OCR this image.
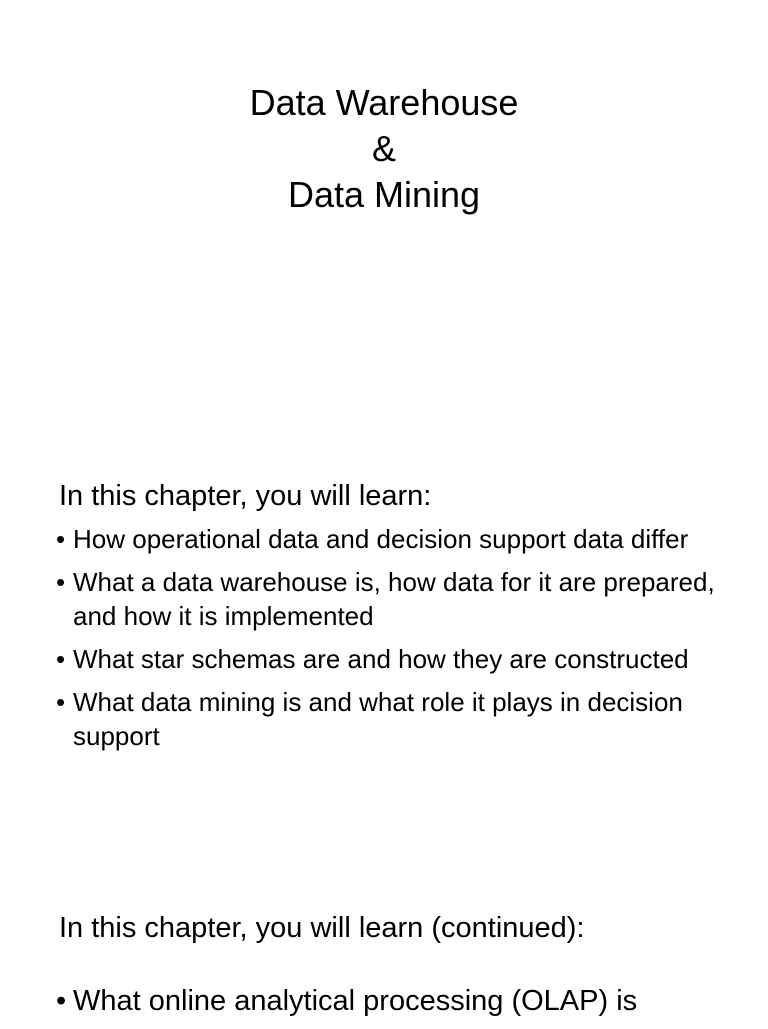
Data Warehouse
&
Data Mining
In this chapter, you will learn:
• How operational data and decision support data differ
• What a data warehouse is, how data for it are prepared, and how it is implemented
• What star schemas are and how they are constructed
• What data mining is and what role it plays in decision support
In this chapter, you will learn (continued):
• What online analytical processing (OLAP) is
